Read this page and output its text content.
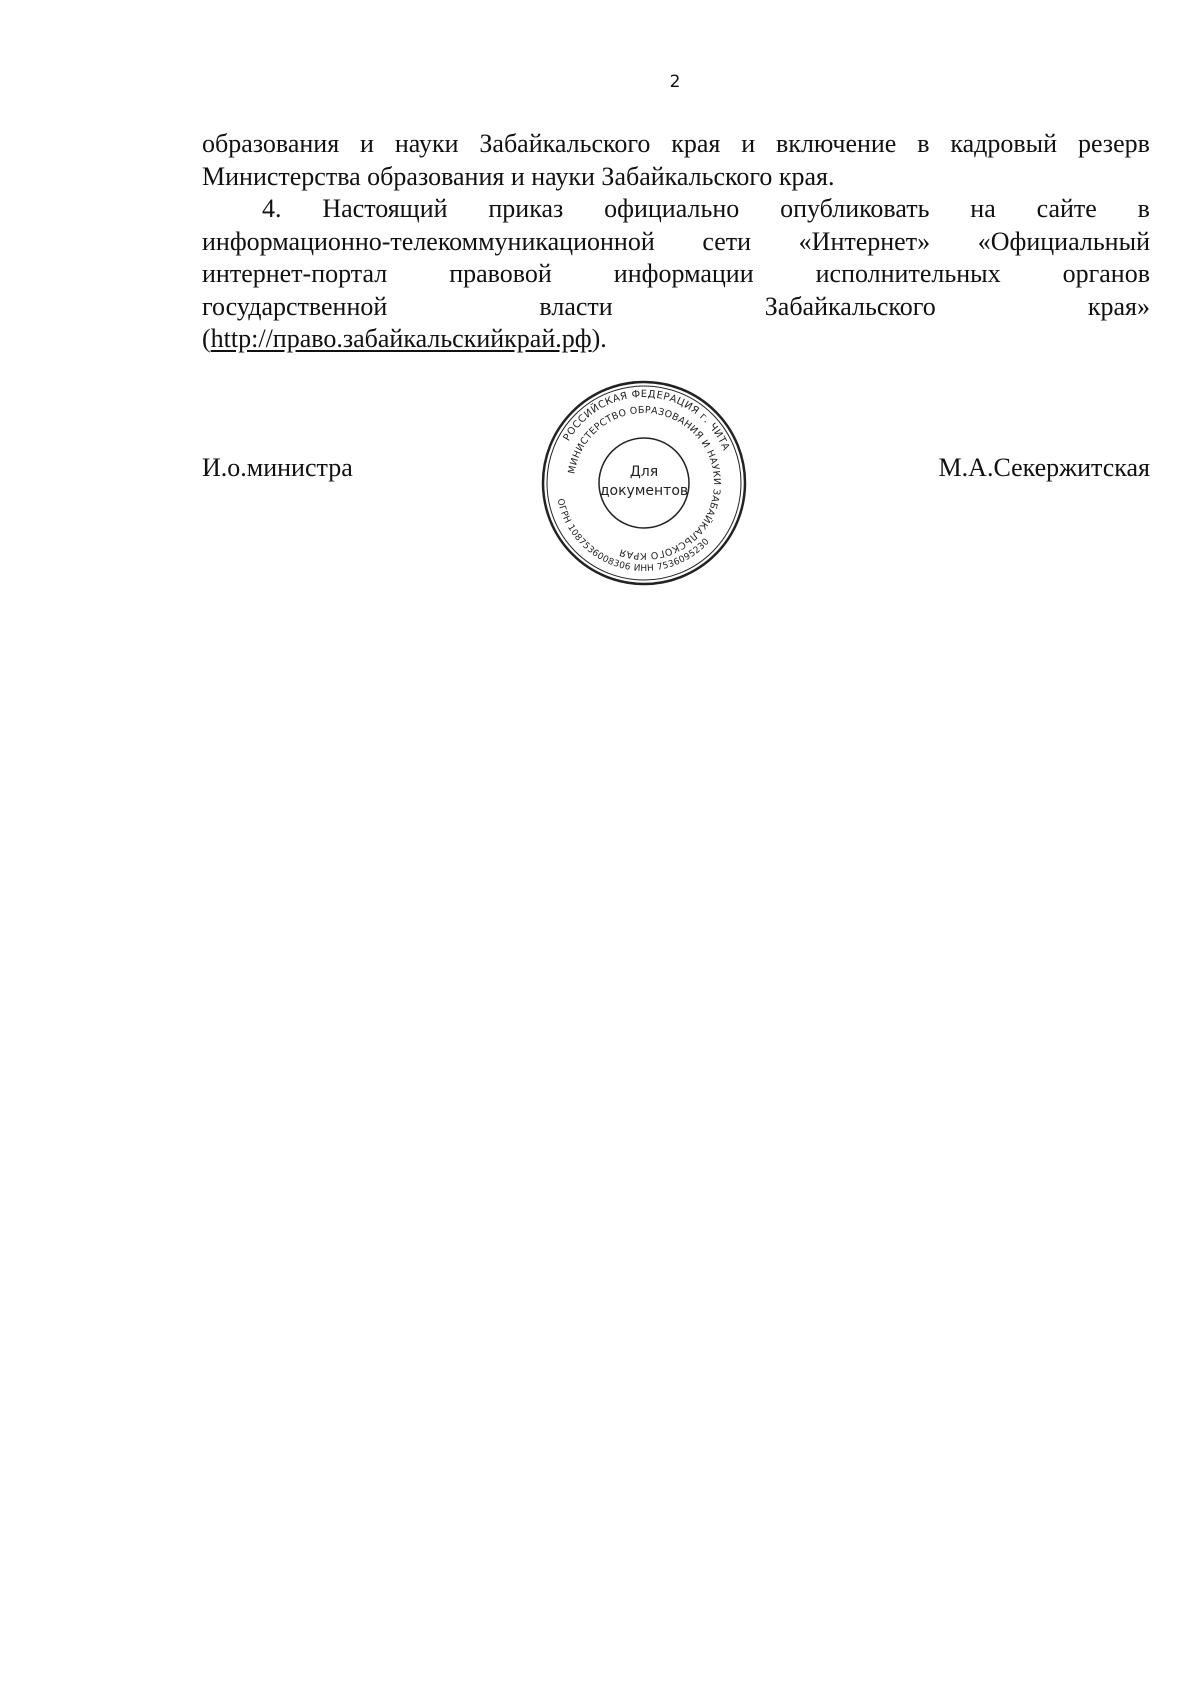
2
образования и науки Забайкальского края и включение в кадровый резерв
Министерства образования и науки Забайкальского края.
4. Настоящий приказ официально опубликовать на сайте в
информационно-телекоммуникационной сети «Интернет» «Официальный
интернет-портал правовой информации исполнительных органов
государственной	власти	Забайкальского	края»
(http://право.забайкальскийкрай.рф).
И.о.министра	М.А.Секержитская
РОССИЙСКАЯ ФЕДЕРАЦИЯ г. ЧИТА
МИНИСТЕРСТВО ОБРАЗОВАНИЯ И НАУКИ ЗАБАЙКАЛЬСКОГО КРАЯ
ОГРН 1087536008306 ИНН 7536095230
Для
документов
